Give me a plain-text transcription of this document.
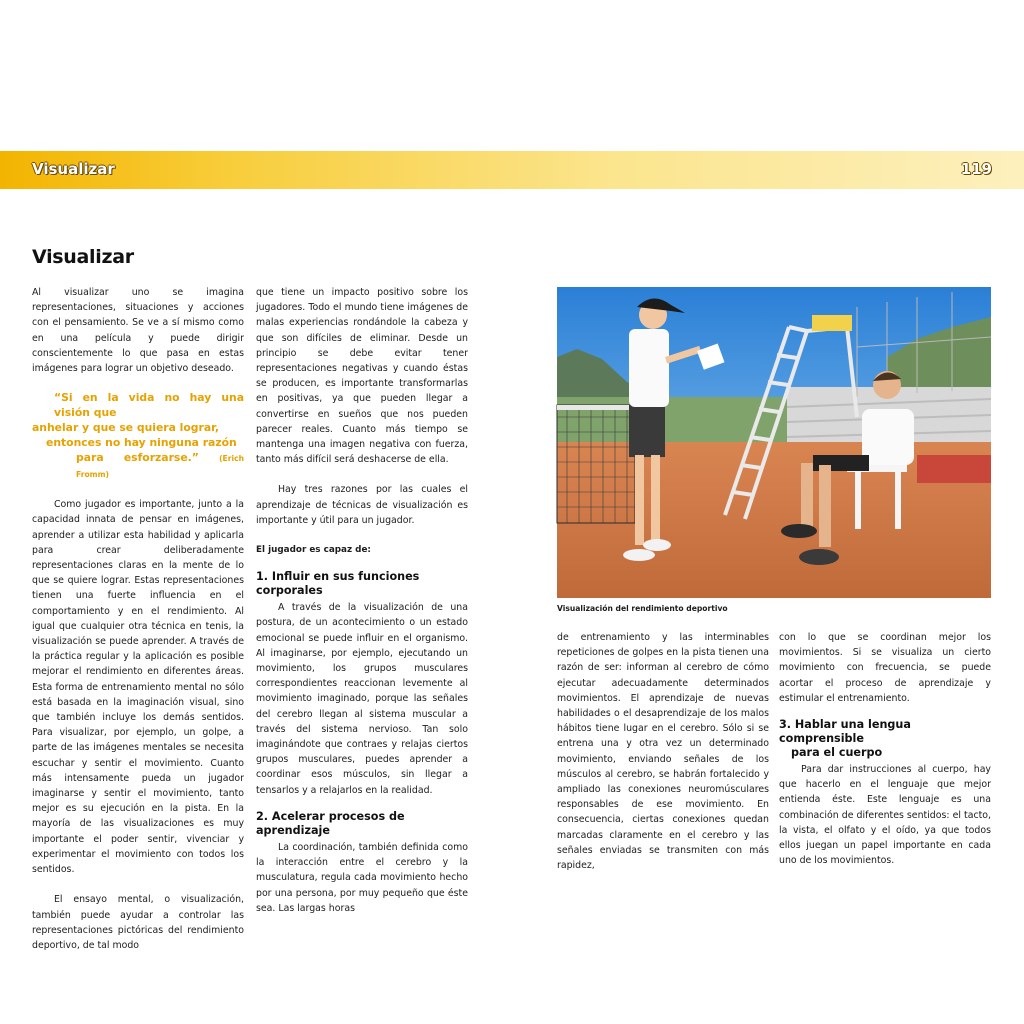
Visualizar	119
Visualizar

Al visualizar uno se imagina representaciones, situaciones y acciones con el pensamiento. Se ve a sí mismo como en una película y puede dirigir conscientemente lo que pasa en estas imágenes para lograr un objetivo deseado.

“Si en la vida no hay una visión que
anhelar y que se quiera lograr,
entonces no hay ninguna razón
para esforzarse.”	(Erich Fromm)

Como jugador es importante, junto a la capacidad innata de pensar en imágenes, aprender a utilizar esta habilidad y aplicarla para crear deliberadamente representaciones claras en la mente de lo que se quiere lograr. Estas representaciones tienen una fuerte influencia en el comportamiento y en el rendimiento. Al igual que cualquier otra técnica en tenis, la visualización se puede aprender. A través de la práctica regular y la aplicación es posible mejorar el rendimiento en diferentes áreas. Esta forma de entrenamiento mental no sólo está basada en la imaginación visual, sino que también incluye los demás sentidos. Para visualizar, por ejemplo, un golpe, a parte de las imágenes mentales se necesita escuchar y sentir el movimiento. Cuanto más intensamente pueda un jugador imaginarse y sentir el movimiento, tanto mejor es su ejecución en la pista. En la mayoría de las visualizaciones es muy importante el poder sentir, vivenciar y experimentar el movimiento con todos los sentidos.

El ensayo mental, o visualización, también puede ayudar a controlar las representaciones pictóricas del rendimiento deportivo, de tal modo

que tiene un impacto positivo sobre los jugadores. Todo el mundo tiene imágenes de malas experiencias rondándole la cabeza y que son difíciles de eliminar. Desde un principio se debe evitar tener representaciones negativas y cuando éstas se producen, es importante transformarlas en positivas, ya que pueden llegar a convertirse en sueños que nos pueden parecer reales. Cuanto más tiempo se mantenga una imagen negativa con fuerza, tanto más difícil será deshacerse de ella.

Hay tres razones por las cuales el aprendizaje de técnicas de visualización es importante y útil para un jugador.

El jugador es capaz de:

1. Influir en sus funciones corporales

A través de la visualización de una postura, de un acontecimiento o un estado emocional se puede influir en el organismo. Al imaginarse, por ejemplo, ejecutando un movimiento, los grupos musculares correspondientes reaccionan levemente al movimiento imaginado, porque las señales del cerebro llegan al sistema muscular a través del sistema nervioso. Tan solo imaginándote que contraes y relajas ciertos grupos musculares, puedes aprender a coordinar esos músculos, sin llegar a tensarlos y a relajarlos en la realidad.

2. Acelerar procesos de aprendizaje

La coordinación, también definida como la interacción entre el cerebro y la musculatura, regula cada movimiento hecho por una persona, por muy pequeño que éste sea. Las largas horas

Visualización del rendimiento deportivo

de entrenamiento y las interminables repeticiones de golpes en la pista tienen una razón de ser: informan al cerebro de cómo ejecutar adecuadamente determinados movimientos. El aprendizaje de nuevas habilidades o el desaprendizaje de los malos hábitos tiene lugar en el cerebro. Sólo si se entrena una y otra vez un determinado movimiento, enviando señales de los músculos al cerebro, se habrán fortalecido y ampliado las conexiones neuromúsculares responsables de ese movimiento. En consecuencia, ciertas conexiones quedan marcadas claramente en el cerebro y las señales enviadas se transmiten con más rapidez,

con lo que se coordinan mejor los movimientos. Si se visualiza un cierto movimiento con frecuencia, se puede acortar el proceso de aprendizaje y estimular el entrenamiento.

3. Hablar una lengua comprensible
para el cuerpo

Para dar instrucciones al cuerpo, hay que hacerlo en el lenguaje que mejor entienda éste. Este lenguaje es una combinación de diferentes sentidos: el tacto, la vista, el olfato y el oído, ya que todos ellos juegan un papel importante en cada uno de los movimientos.
